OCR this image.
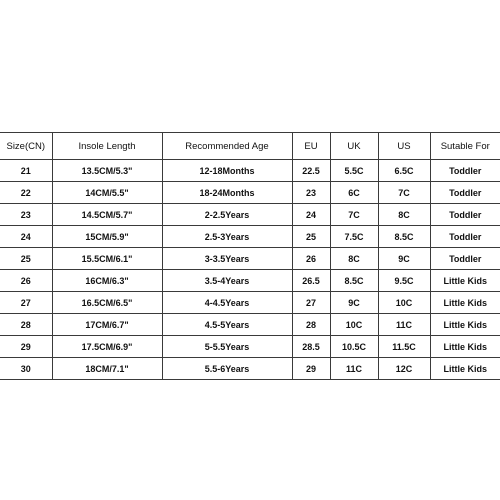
Size(CN)	Insole Length	Recommended Age	EU	UK	US	Sutable For
21	13.5CM/5.3"	12-18Months	22.5	5.5C	6.5C	Toddler
22	14CM/5.5"	18-24Months	23	6C	7C	Toddler
23	14.5CM/5.7"	2-2.5Years	24	7C	8C	Toddler
24	15CM/5.9"	2.5-3Years	25	7.5C	8.5C	Toddler
25	15.5CM/6.1"	3-3.5Years	26	8C	9C	Toddler
26	16CM/6.3"	3.5-4Years	26.5	8.5C	9.5C	Little Kids
27	16.5CM/6.5"	4-4.5Years	27	9C	10C	Little Kids
28	17CM/6.7"	4.5-5Years	28	10C	11C	Little Kids
29	17.5CM/6.9"	5-5.5Years	28.5	10.5C	11.5C	Little Kids
30	18CM/7.1"	5.5-6Years	29	11C	12C	Little Kids
